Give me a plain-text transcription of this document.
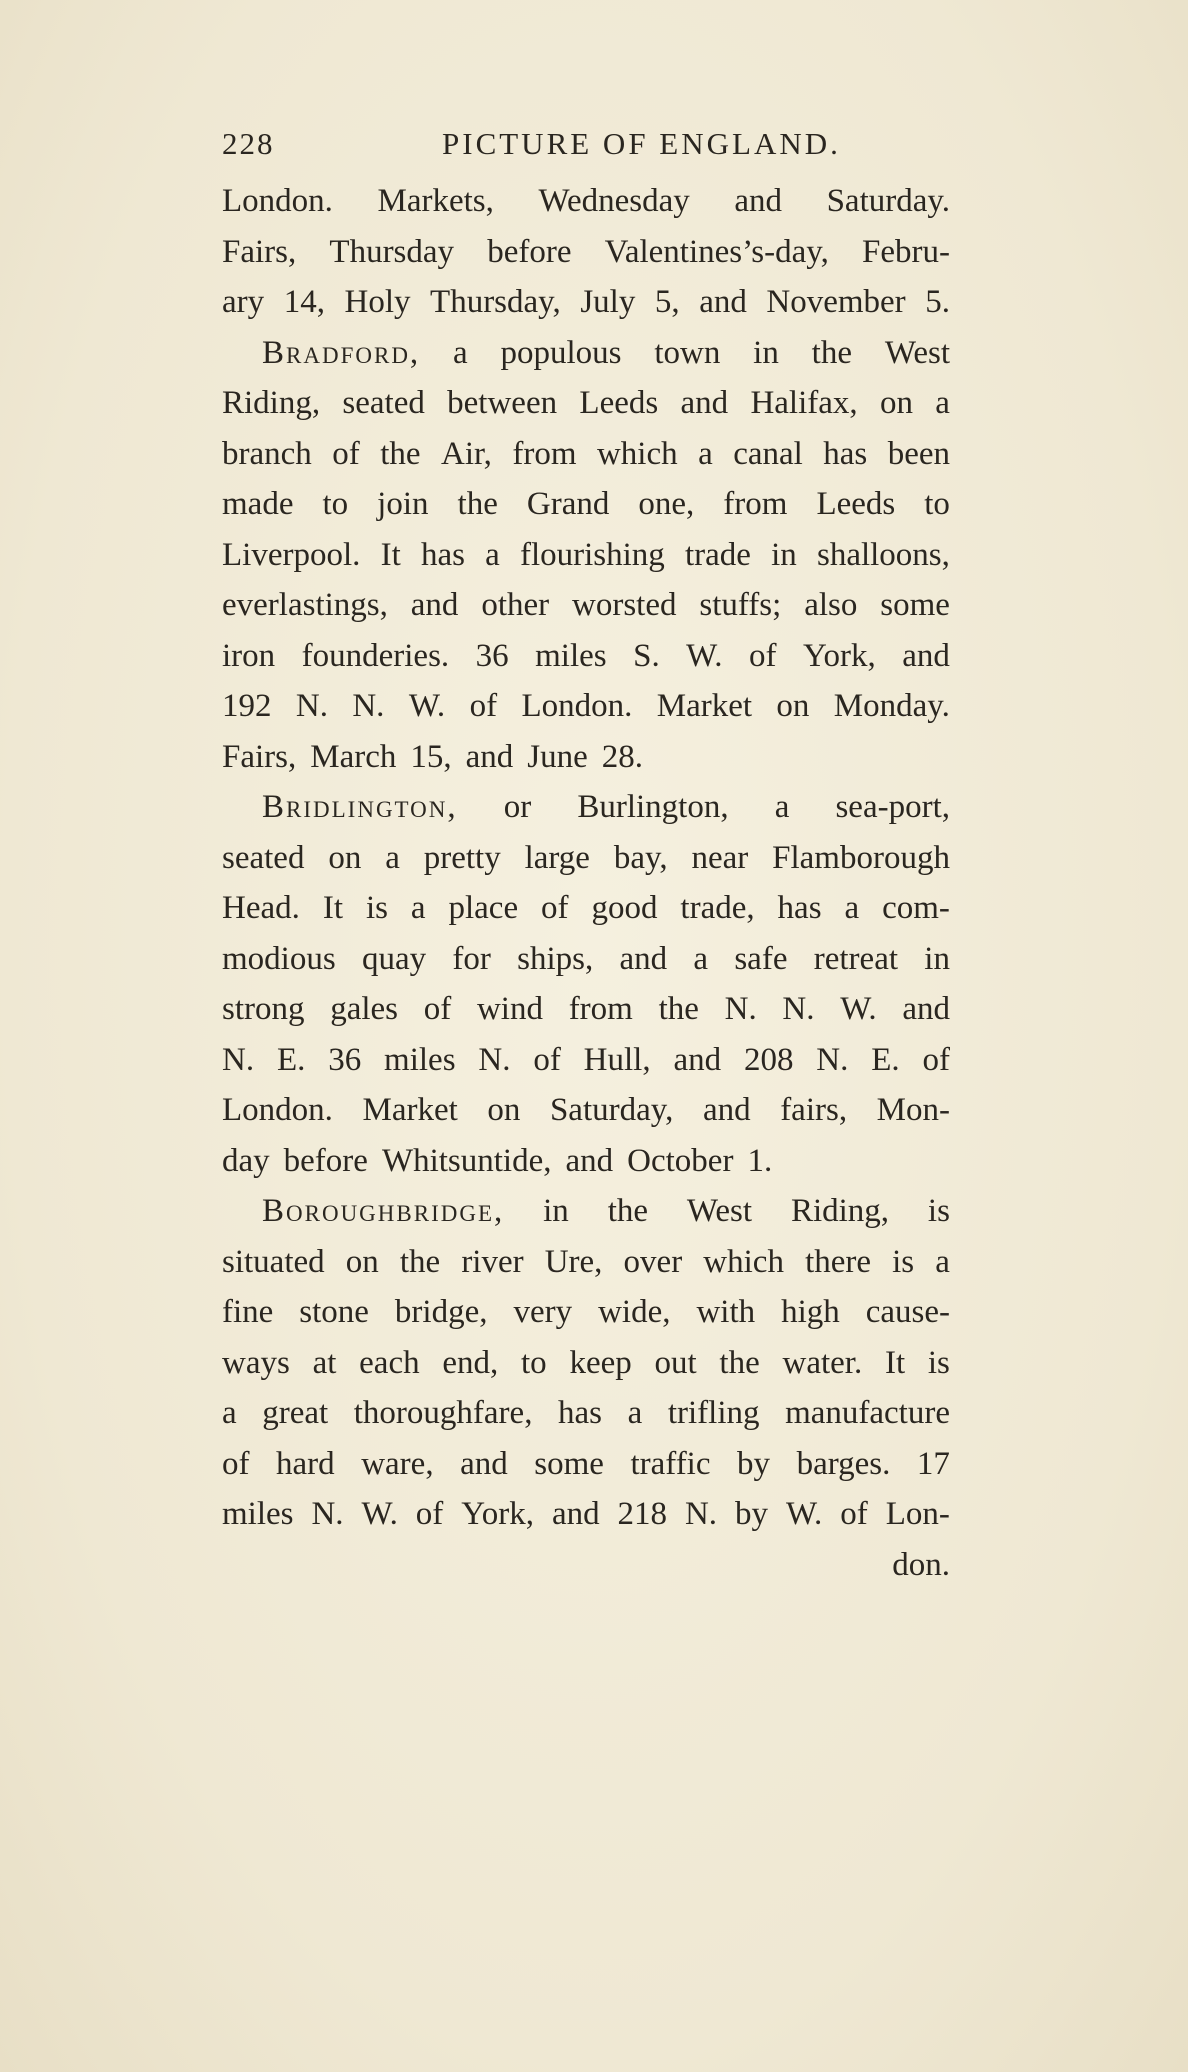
228	PICTURE OF ENGLAND.
London. Markets, Wednesday and Saturday.
Fairs, Thursday before Valentines’s-day, Febru-
ary 14, Holy Thursday, July 5, and November 5.
Bradford, a populous town in the West
Riding, seated between Leeds and Halifax, on a
branch of the Air, from which a canal has been
made to join the Grand one, from Leeds to
Liverpool. It has a flourishing trade in shalloons,
everlastings, and other worsted stuffs; also some
iron founderies. 36 miles S. W. of York, and
192 N. N. W. of London. Market on Monday.
Fairs, March 15, and June 28.
Bridlington, or Burlington, a sea-port,
seated on a pretty large bay, near Flamborough
Head. It is a place of good trade, has a com-
modious quay for ships, and a safe retreat in
strong gales of wind from the N. N. W. and
N. E. 36 miles N. of Hull, and 208 N. E. of
London. Market on Saturday, and fairs, Mon-
day before Whitsuntide, and October 1.
Boroughbridge, in the West Riding, is
situated on the river Ure, over which there is a
fine stone bridge, very wide, with high cause-
ways at each end, to keep out the water. It is
a great thoroughfare, has a trifling manufacture
of hard ware, and some traffic by barges. 17
miles N. W. of York, and 218 N. by W. of Lon-
don.
